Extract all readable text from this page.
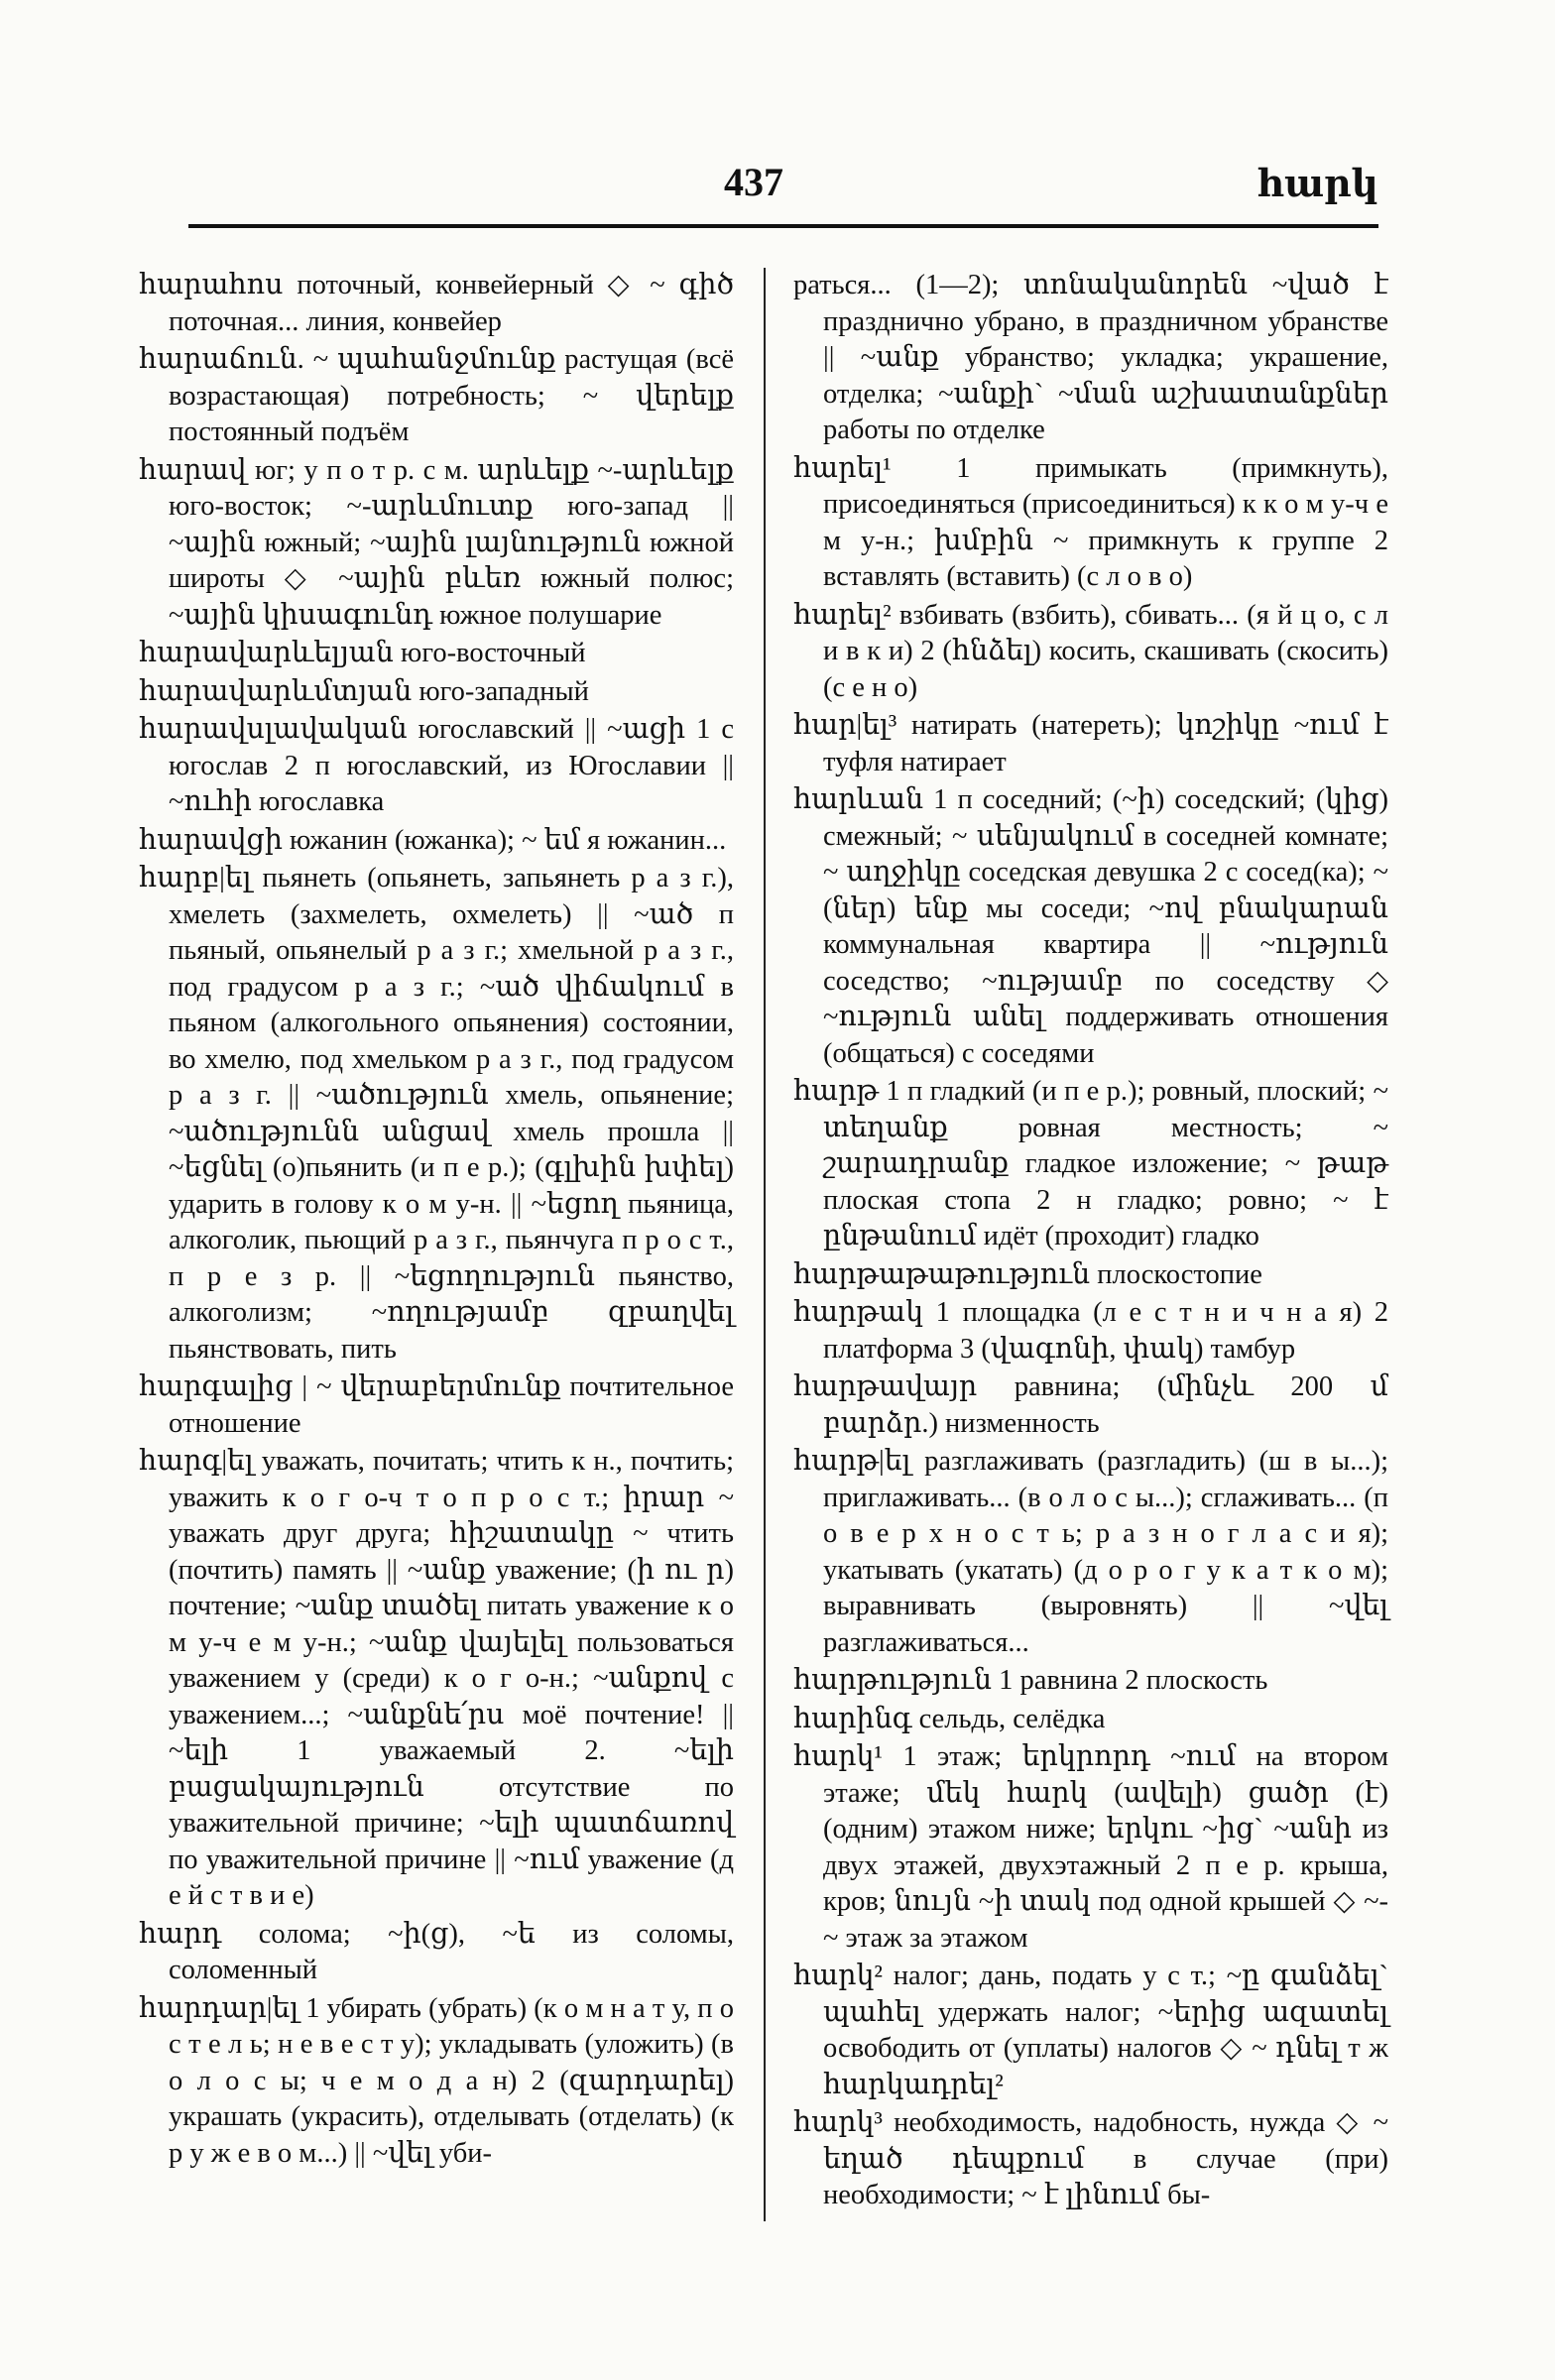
437	հարկ

հարահոս поточный, конвейерный ◇ ~ գիծ поточная... линия, конвейер

հարաճուն. ~ պահանջմունք растущая (всё возрастающая) потребность; ~ վերելք постоянный подъём

հարավ юг; у п о т р. с м. արևելք ~-արևելք юго-восток; ~-արևմուտք юго-запад || ~ային южный; ~ային լայնություն южной широты ◇ ~ային բևեռ южный полюс; ~ային կիսագունդ южное полушарие

հարավարևելյան юго-восточный

հարավարևմտյան юго-западный

հարավսլավական югославский || ~ացի 1 с югослав 2 п югославский, из Югославии || ~ուհի югославка

հարավցի южанин (южанка); ~ եմ я южанин...

հարբ|ել пьянеть (опьянеть, запьянеть р а з г.), хмелеть (захмелеть, охмелеть) || ~ած п пьяный, опьянелый р а з г.; хмельной р а з г., под градусом р а з г.; ~ած վիճակում в пьяном (алкогольного опьянения) состоянии, во хмелю, под хмельком р а з г., под градусом р а з г. || ~ածություն хмель, опьянение; ~ածությունն անցավ хмель прошла || ~եցնել (о)пьянить (и п е р.); (գլխին խփել) ударить в голову к о м у-н. || ~եցող пьяница, алкоголик, пьющий р а з г., пьянчуга п р о с т., п р е з р. || ~եցողություն пьянство, алкоголизм; ~ողությամբ զբաղվել пьянствовать, пить

հարգալից | ~ վերաբերմունք почтительное отношение

հարգ|ել уважать, почитать; чтить к н., почтить; уважить к о г о-ч т о п р о с т.; իրար ~ уважать друг друга; հիշատակը ~ чтить (почтить) память || ~անք уважение; (ի ու ր) почтение; ~անք տածել питать уважение к о м у-ч е м у-н.; ~անք վայելել пользоваться уважением у (среди) к о г о-н.; ~անքով с уважением...; ~անքնե՛րս моё почтение! || ~ելի 1 уважаемый 2. ~ելի բացակայություն отсутствие по уважительной причине; ~ելի պատճառով по уважительной причине || ~ում уважение (д е й с т в и е)

հարդ солома; ~ի(ց), ~ե из соломы, соломенный

հարդար|ել 1 убирать (убрать) (к о м н а т у, п о с т е л ь; н е в е с т у); укладывать (уложить) (в о л о с ы; ч е м о д а н) 2 (զարդարել) украшать (украсить), отделывать (отделать) (к р у ж е в о м...) || ~վել уби-

раться... (1—2); տոնականորեն ~ված է празднично убрано, в праздничном убранстве || ~անք убранство; укладка; украшение, отделка; ~անքի` ~ման աշխատանքներ работы по отделке

հարել¹ 1 примыкать (примкнуть), присоединяться (присоединиться) к к о м у-ч е м у-н.; խմբին ~ примкнуть к группе 2 вставлять (вставить) (с л о в о)

հարել² взбивать (взбить), сбивать... (я й ц о, с л и в к и) 2 (հնձել) косить, скашивать (скосить) (с е н о)

հար|ել³ натирать (натереть); կոշիկը ~ում է туфля натирает

հարևան 1 п соседний; (~ի) соседский; (կից) смежный; ~ սենյակում в соседней комнате; ~ աղջիկը соседская девушка 2 с сосед(ка); ~(ներ) ենք мы соседи; ~ով բնակարան коммунальная квартира || ~ություն соседство; ~ությամբ по соседству ◇ ~ություն անել поддерживать отношения (общаться) с соседями

հարթ 1 п гладкий (и п е р.); ровный, плоский; ~ տեղանք ровная местность; ~ շարադրանք гладкое изложение; ~ թաթ плоская стопа 2 н гладко; ровно; ~ է ընթանում идёт (проходит) гладко

հարթաթաթություն плоскостопие

հարթակ 1 площадка (л е с т н и ч н а я) 2 платформа 3 (վագոնի, փակ) тамбур

հարթավայր равнина; (մինչև 200 մ բարձր.) низменность

հարթ|ել разглаживать (разгладить) (ш в ы...); приглаживать... (в о л о с ы...); сглаживать... (п о в е р х н о с т ь; р а з н о г л а с и я); укатывать (укатать) (д о р о г у к а т к о м); выравнивать (выровнять) || ~վել разглаживаться...

հարթություն 1 равнина 2 плоскость

հարինգ сельдь, селёдка

հարկ¹ 1 этаж; երկրորդ ~ում на втором этаже; մեկ հարկ (ավելի) ցածր (է) (одним) этажом ниже; երկու ~ից` ~անի из двух этажей, двухэтажный 2 п е р. крыша, кров; նույն ~ի տակ под одной крышей ◇ ~-~ этаж за этажом

հարկ² налог; дань, подать у с т.; ~ը գանձել` պահել удержать налог; ~երից ազատել освободить от (уплаты) налогов ◇ ~ դնել т ж հարկադրել²

հարկ³ необходимость, надобность, нужда ◇ ~ եղած դեպքում в случае (при) необходимости; ~ է լինում бы-
